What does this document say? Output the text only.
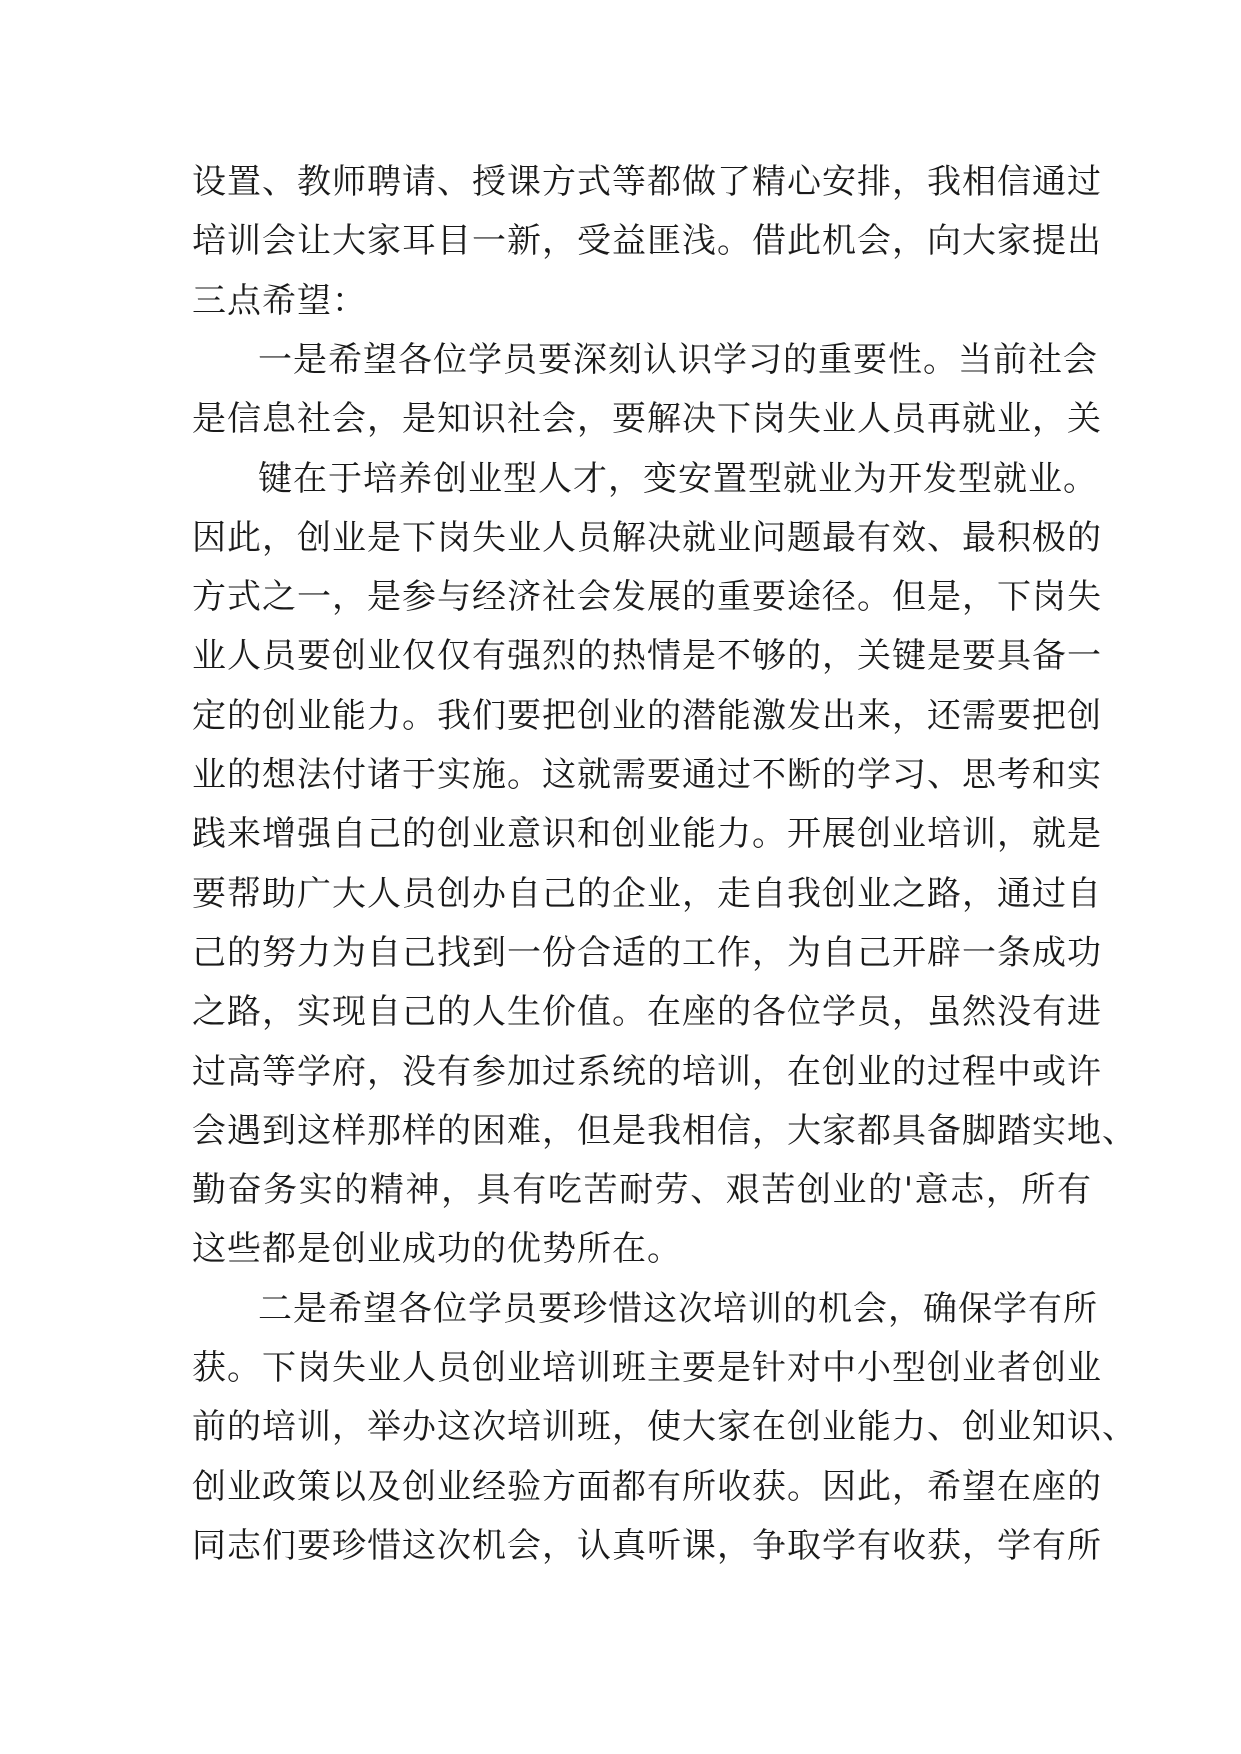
设置、教师聘请、授课方式等都做了精心安排，我相信通过
培训会让大家耳目一新，受益匪浅。借此机会，向大家提出
三点希望：
一是希望各位学员要深刻认识学习的重要性。当前社会
是信息社会，是知识社会，要解决下岗失业人员再就业，关
键在于培养创业型人才，变安置型就业为开发型就业。
因此，创业是下岗失业人员解决就业问题最有效、最积极的
方式之一，是参与经济社会发展的重要途径。但是，下岗失
业人员要创业仅仅有强烈的热情是不够的，关键是要具备一
定的创业能力。我们要把创业的潜能激发出来，还需要把创
业的想法付诸于实施。这就需要通过不断的学习、思考和实
践来增强自己的创业意识和创业能力。开展创业培训，就是
要帮助广大人员创办自己的企业，走自我创业之路，通过自
己的努力为自己找到一份合适的工作，为自己开辟一条成功
之路，实现自己的人生价值。在座的各位学员，虽然没有进
过高等学府，没有参加过系统的培训，在创业的过程中或许
会遇到这样那样的困难，但是我相信，大家都具备脚踏实地、
勤奋务实的精神，具有吃苦耐劳、艰苦创业的'意志，所有
这些都是创业成功的优势所在。
二是希望各位学员要珍惜这次培训的机会，确保学有所
获。下岗失业人员创业培训班主要是针对中小型创业者创业
前的培训，举办这次培训班，使大家在创业能力、创业知识、
创业政策以及创业经验方面都有所收获。因此，希望在座的
同志们要珍惜这次机会，认真听课，争取学有收获，学有所
